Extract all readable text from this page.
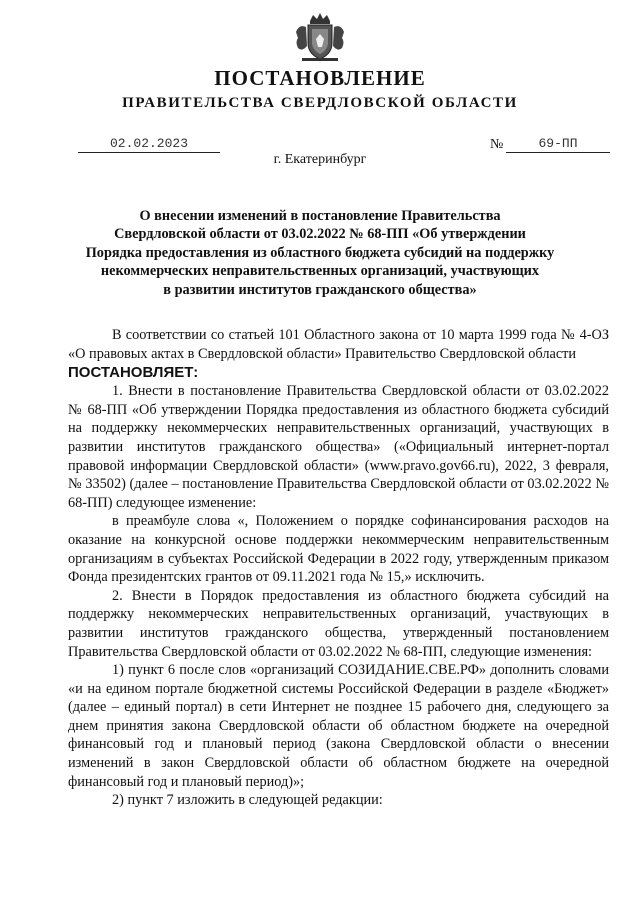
ПОСТАНОВЛЕНИЕ
ПРАВИТЕЛЬСТВА СВЕРДЛОВСКОЙ ОБЛАСТИ
02.02.2023	№	69-ПП
г. Екатеринбург
О внесении изменений в постановление Правительства
Свердловской области от 03.02.2022 № 68-ПП «Об утверждении
Порядка предоставления из областного бюджета субсидий на поддержку
некоммерческих неправительственных организаций, участвующих
в развитии институтов гражданского общества»

В соответствии со статьей 101 Областного закона от 10 марта 1999 года № 4-ОЗ «О правовых актах в Свердловской области» Правительство Свердловской области

ПОСТАНОВЛЯЕТ:

1. Внести в постановление Правительства Свердловской области от 03.02.2022 № 68-ПП «Об утверждении Порядка предоставления из областного бюджета субсидий на поддержку некоммерческих неправительственных организаций, участвующих в развитии институтов гражданского общества» («Официальный интернет-портал правовой информации Свердловской области» (www.pravo.gov66.ru), 2022, 3 февраля, № 33502) (далее – постановление Правительства Свердловской области от 03.02.2022 № 68-ПП) следующее изменение:

в преамбуле слова «, Положением о порядке софинансирования расходов на оказание на конкурсной основе поддержки некоммерческим неправительственным организациям в субъектах Российской Федерации в 2022 году, утвержденным приказом Фонда президентских грантов от 09.11.2021 года № 15,» исключить.

2. Внести в Порядок предоставления из областного бюджета субсидий на поддержку некоммерческих неправительственных организаций, участвующих в развитии институтов гражданского общества, утвержденный постановлением Правительства Свердловской области от 03.02.2022 № 68-ПП, следующие изменения:

1) пункт 6 после слов «организаций СОЗИДАНИЕ.СВЕ.РФ» дополнить словами «и на едином портале бюджетной системы Российской Федерации в разделе «Бюджет» (далее – единый портал) в сети Интернет не позднее 15 рабочего дня, следующего за днем принятия закона Свердловской области об областном бюджете на очередной финансовый год и плановый период (закона Свердловской области о внесении изменений в закон Свердловской области об областном бюджете на очередной финансовый год и плановый период)»;

2) пункт 7 изложить в следующей редакции:
